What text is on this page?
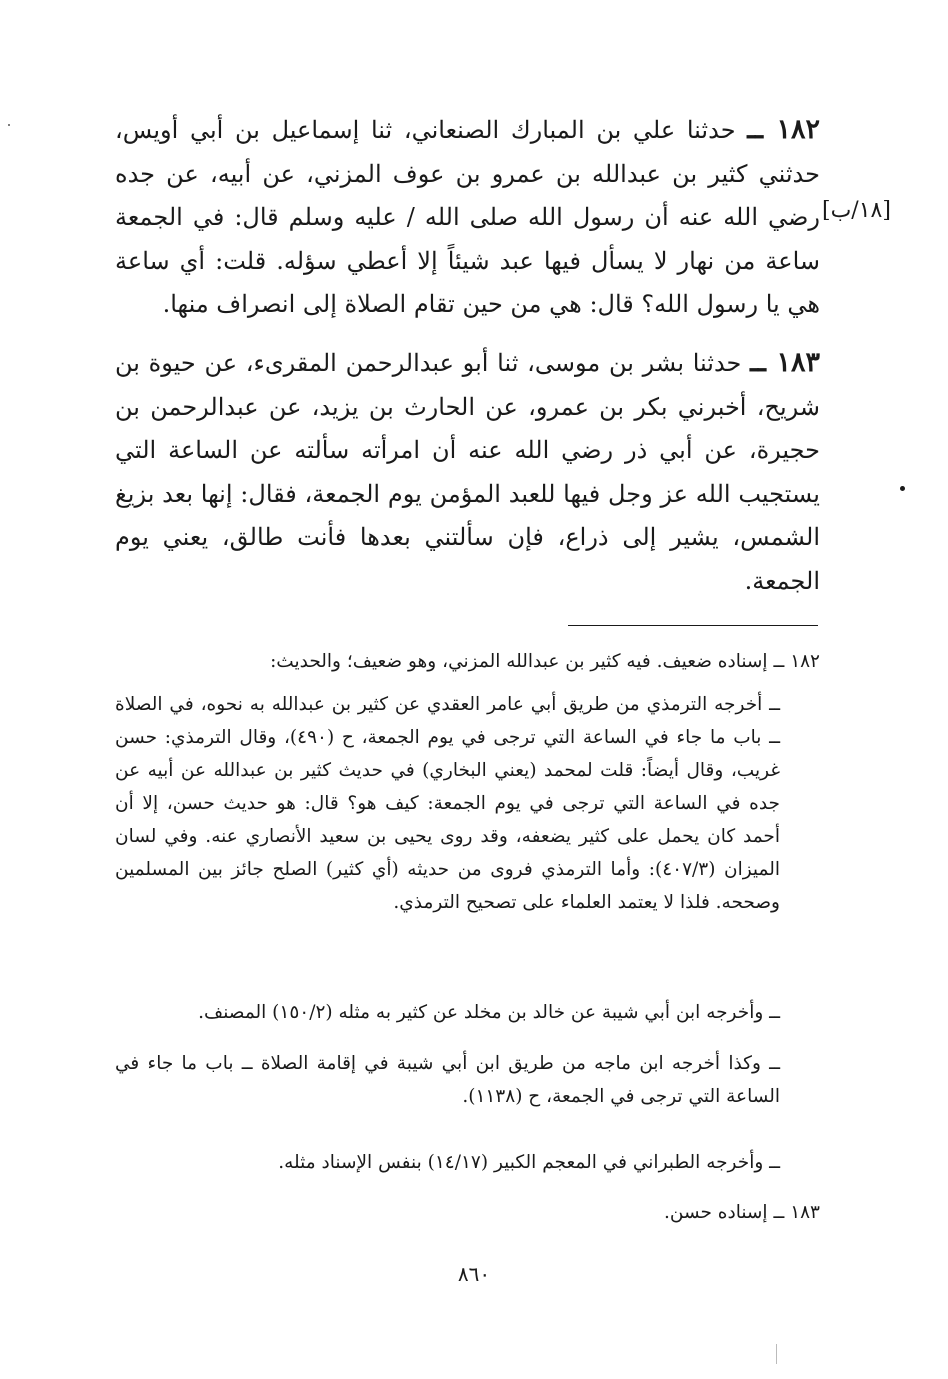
١٨٢ ــ حدثنا علي بن المبارك الصنعاني، ثنا إسماعيل بن أبي أويس، حدثني كثير بن عبدالله بن عمرو بن عوف المزني، عن أبيه، عن جده رضي الله عنه أن رسول الله صلى الله / عليه وسلم قال: في الجمعة ساعة من نهار لا يسأل فيها عبد شيئاً إلا أعطي سؤله. قلت: أي ساعة هي يا رسول الله؟ قال: هي من حين تقام الصلاة إلى انصراف منها.
[١٨/ب]
١٨٣ ــ حدثنا بشر بن موسى، ثنا أبو عبدالرحمن المقرىء، عن حيوة بن شريح، أخبرني بكر بن عمرو، عن الحارث بن يزيد، عن عبدالرحمن بن حجيرة، عن أبي ذر رضي الله عنه أن امرأته سألته عن الساعة التي يستجيب الله عز وجل فيها للعبد المؤمن يوم الجمعة، فقال: إنها بعد بزيغ الشمس، يشير إلى ذراع، فإن سألتني بعدها فأنت طالق، يعني يوم الجمعة.
١٨٢ ــ إسناده ضعيف. فيه كثير بن عبدالله المزني، وهو ضعيف؛ والحديث:
ــ أخرجه الترمذي من طريق أبي عامر العقدي عن كثير بن عبدالله به نحوه، في الصلاة ــ باب ما جاء في الساعة التي ترجى في يوم الجمعة، ح (٤٩٠)، وقال الترمذي: حسن غريب، وقال أيضاً: قلت لمحمد (يعني البخاري) في حديث كثير بن عبدالله عن أبيه عن جده في الساعة التي ترجى في يوم الجمعة: كيف هو؟ قال: هو حديث حسن، إلا أن أحمد كان يحمل على كثير يضعفه، وقد روى يحيى بن سعيد الأنصاري عنه. وفي لسان الميزان (٤٠٧/٣): وأما الترمذي فروى من حديثه (أي كثير) الصلح جائز بين المسلمين وصححه. فلذا لا يعتمد العلماء على تصحيح الترمذي.
ــ وأخرجه ابن أبي شيبة عن خالد بن مخلد عن كثير به مثله (١٥٠/٢) المصنف.
ــ وكذا أخرجه ابن ماجه من طريق ابن أبي شيبة في إقامة الصلاة ــ باب ما جاء في الساعة التي ترجى في الجمعة، ح (١١٣٨).
ــ وأخرجه الطبراني في المعجم الكبير (١٤/١٧) بنفس الإسناد مثله.
١٨٣ ــ إسناده حسن.
٨٦٠
